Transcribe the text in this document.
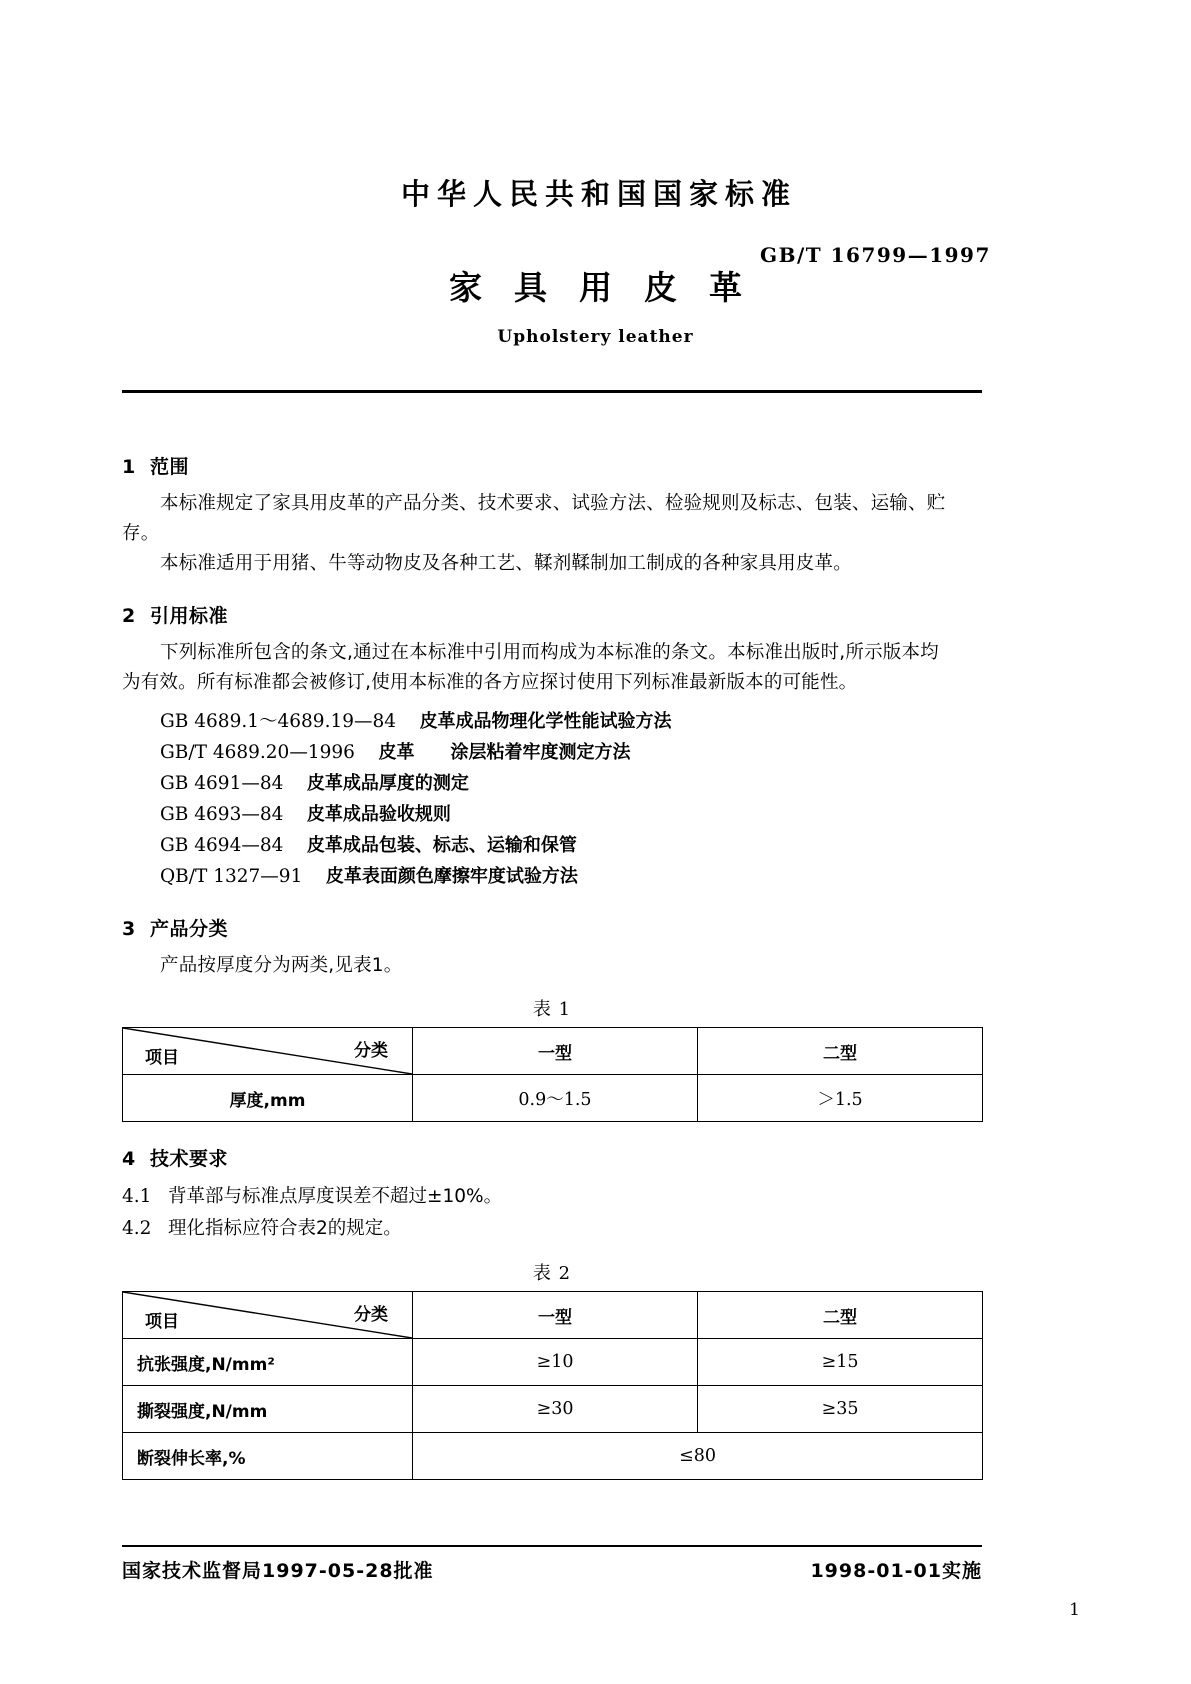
中华人民共和国国家标准
GB/T 16799—1997
家具用皮革
Upholstery leather
1 范围

本标准规定了家具用皮革的产品分类、技术要求、试验方法、检验规则及标志、包装、运输、贮存。

本标准适用于用猪、牛等动物皮及各种工艺、鞣剂鞣制加工制成的各种家具用皮革。

2 引用标准

下列标准所包含的条文,通过在本标准中引用而构成为本标准的条文。本标准出版时,所示版本均

为有效。所有标准都会被修订,使用本标准的各方应探讨使用下列标准最新版本的可能性。

GB 4689.1～4689.19—84 皮革成品物理化学性能试验方法
GB/T 4689.20—1996 皮革　　涂层粘着牢度测定方法
GB 4691—84 皮革成品厚度的测定
GB 4693—84 皮革成品验收规则
GB 4694—84 皮革成品包装、标志、运输和保管
QB/T 1327—91 皮革表面颜色摩擦牢度试验方法
3 产品分类

产品按厚度分为两类,见表1。

表 1
分类
项目	一型	二型
厚度,mm	0.9～1.5	＞1.5
4 技术要求

4.1 背革部与标准点厚度误差不超过±10%。

4.2 理化指标应符合表2的规定。

表 2
分类
项目	一型	二型
抗张强度,N/mm²	≥10	≥15
撕裂强度,N/mm	≥30	≥35
断裂伸长率,%	≤80	
国家技术监督局1997-05-28批准	1998-01-01实施
1
